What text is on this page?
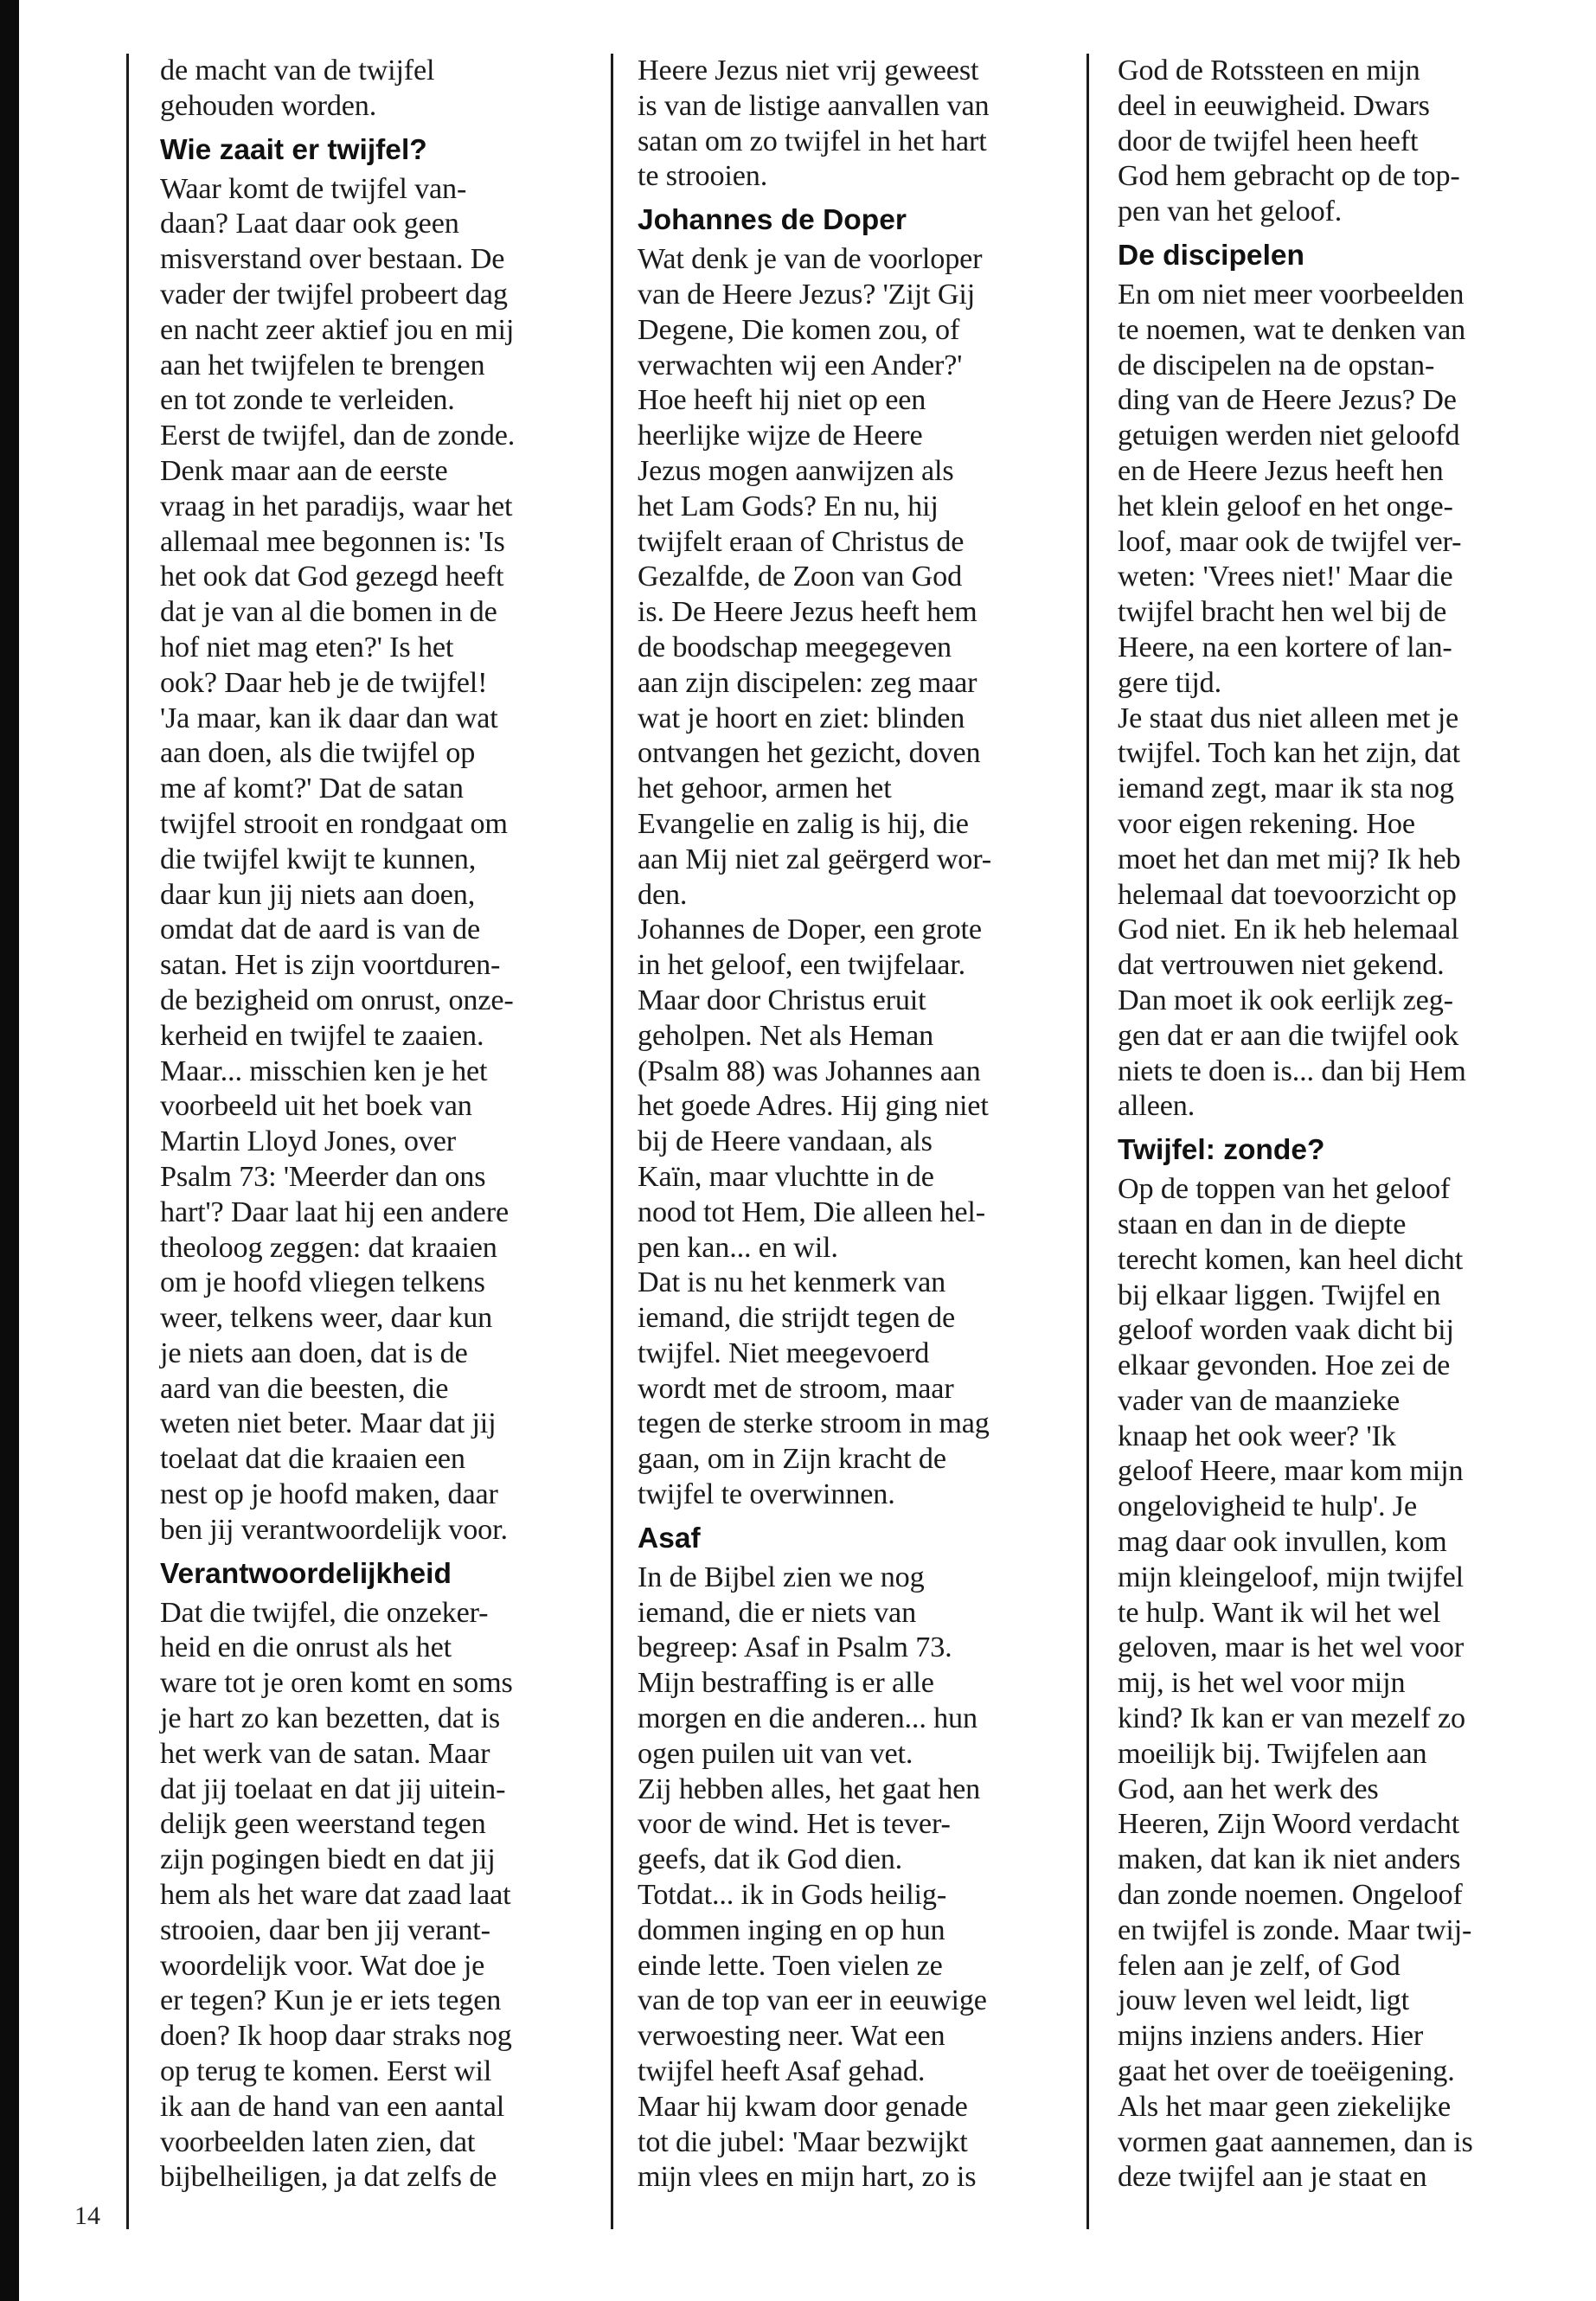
de macht van de twijfel
gehouden worden.

Wie zaait er twijfel?

Waar komt de twijfel van-
daan? Laat daar ook geen
misverstand over bestaan. De
vader der twijfel probeert dag
en nacht zeer aktief jou en mij
aan het twijfelen te brengen
en tot zonde te verleiden.
Eerst de twijfel, dan de zonde.
Denk maar aan de eerste
vraag in het paradijs, waar het
allemaal mee begonnen is: 'Is
het ook dat God gezegd heeft
dat je van al die bomen in de
hof niet mag eten?' Is het
ook? Daar heb je de twijfel!
'Ja maar, kan ik daar dan wat
aan doen, als die twijfel op
me af komt?' Dat de satan
twijfel strooit en rondgaat om
die twijfel kwijt te kunnen,
daar kun jij niets aan doen,
omdat dat de aard is van de
satan. Het is zijn voortduren-
de bezigheid om onrust, onze-
kerheid en twijfel te zaaien.
Maar... misschien ken je het
voorbeeld uit het boek van
Martin Lloyd Jones, over
Psalm 73: 'Meerder dan ons
hart'? Daar laat hij een andere
theoloog zeggen: dat kraaien
om je hoofd vliegen telkens
weer, telkens weer, daar kun
je niets aan doen, dat is de
aard van die beesten, die
weten niet beter. Maar dat jij
toelaat dat die kraaien een
nest op je hoofd maken, daar
ben jij verantwoordelijk voor.

Verantwoordelijkheid

Dat die twijfel, die onzeker-
heid en die onrust als het
ware tot je oren komt en soms
je hart zo kan bezetten, dat is
het werk van de satan. Maar
dat jij toelaat en dat jij uitein-
delijk geen weerstand tegen
zijn pogingen biedt en dat jij
hem als het ware dat zaad laat
strooien, daar ben jij verant-
woordelijk voor. Wat doe je
er tegen? Kun je er iets tegen
doen? Ik hoop daar straks nog
op terug te komen. Eerst wil
ik aan de hand van een aantal
voorbeelden laten zien, dat
bijbelheiligen, ja dat zelfs de

Heere Jezus niet vrij geweest
is van de listige aanvallen van
satan om zo twijfel in het hart
te strooien.

Johannes de Doper

Wat denk je van de voorloper
van de Heere Jezus? 'Zijt Gij
Degene, Die komen zou, of
verwachten wij een Ander?'
Hoe heeft hij niet op een
heerlijke wijze de Heere
Jezus mogen aanwijzen als
het Lam Gods? En nu, hij
twijfelt eraan of Christus de
Gezalfde, de Zoon van God
is. De Heere Jezus heeft hem
de boodschap meegegeven
aan zijn discipelen: zeg maar
wat je hoort en ziet: blinden
ontvangen het gezicht, doven
het gehoor, armen het
Evangelie en zalig is hij, die
aan Mij niet zal geërgerd wor-
den.
Johannes de Doper, een grote
in het geloof, een twijfelaar.
Maar door Christus eruit
geholpen. Net als Heman
(Psalm 88) was Johannes aan
het goede Adres. Hij ging niet
bij de Heere vandaan, als
Kaïn, maar vluchtte in de
nood tot Hem, Die alleen hel-
pen kan... en wil.
Dat is nu het kenmerk van
iemand, die strijdt tegen de
twijfel. Niet meegevoerd
wordt met de stroom, maar
tegen de sterke stroom in mag
gaan, om in Zijn kracht de
twijfel te overwinnen.

Asaf

In de Bijbel zien we nog
iemand, die er niets van
begreep: Asaf in Psalm 73.
Mijn bestraffing is er alle
morgen en die anderen... hun
ogen puilen uit van vet.
Zij hebben alles, het gaat hen
voor de wind. Het is tever-
geefs, dat ik God dien.
Totdat... ik in Gods heilig-
dommen inging en op hun
einde lette. Toen vielen ze
van de top van eer in eeuwige
verwoesting neer. Wat een
twijfel heeft Asaf gehad.
Maar hij kwam door genade
tot die jubel: 'Maar bezwijkt
mijn vlees en mijn hart, zo is

God de Rotssteen en mijn
deel in eeuwigheid. Dwars
door de twijfel heen heeft
God hem gebracht op de top-
pen van het geloof.

De discipelen

En om niet meer voorbeelden
te noemen, wat te denken van
de discipelen na de opstan-
ding van de Heere Jezus? De
getuigen werden niet geloofd
en de Heere Jezus heeft hen
het klein geloof en het onge-
loof, maar ook de twijfel ver-
weten: 'Vrees niet!' Maar die
twijfel bracht hen wel bij de
Heere, na een kortere of lan-
gere tijd.
Je staat dus niet alleen met je
twijfel. Toch kan het zijn, dat
iemand zegt, maar ik sta nog
voor eigen rekening. Hoe
moet het dan met mij? Ik heb
helemaal dat toevoorzicht op
God niet. En ik heb helemaal
dat vertrouwen niet gekend.
Dan moet ik ook eerlijk zeg-
gen dat er aan die twijfel ook
niets te doen is... dan bij Hem
alleen.

Twijfel: zonde?

Op de toppen van het geloof
staan en dan in de diepte
terecht komen, kan heel dicht
bij elkaar liggen. Twijfel en
geloof worden vaak dicht bij
elkaar gevonden. Hoe zei de
vader van de maanzieke
knaap het ook weer? 'Ik
geloof Heere, maar kom mijn
ongelovigheid te hulp'. Je
mag daar ook invullen, kom
mijn kleingeloof, mijn twijfel
te hulp. Want ik wil het wel
geloven, maar is het wel voor
mij, is het wel voor mijn
kind? Ik kan er van mezelf zo
moeilijk bij. Twijfelen aan
God, aan het werk des
Heeren, Zijn Woord verdacht
maken, dat kan ik niet anders
dan zonde noemen. Ongeloof
en twijfel is zonde. Maar twij-
felen aan je zelf, of God
jouw leven wel leidt, ligt
mijns inziens anders. Hier
gaat het over de toeëigening.
Als het maar geen ziekelijke
vormen gaat aannemen, dan is
deze twijfel aan je staat en

14
